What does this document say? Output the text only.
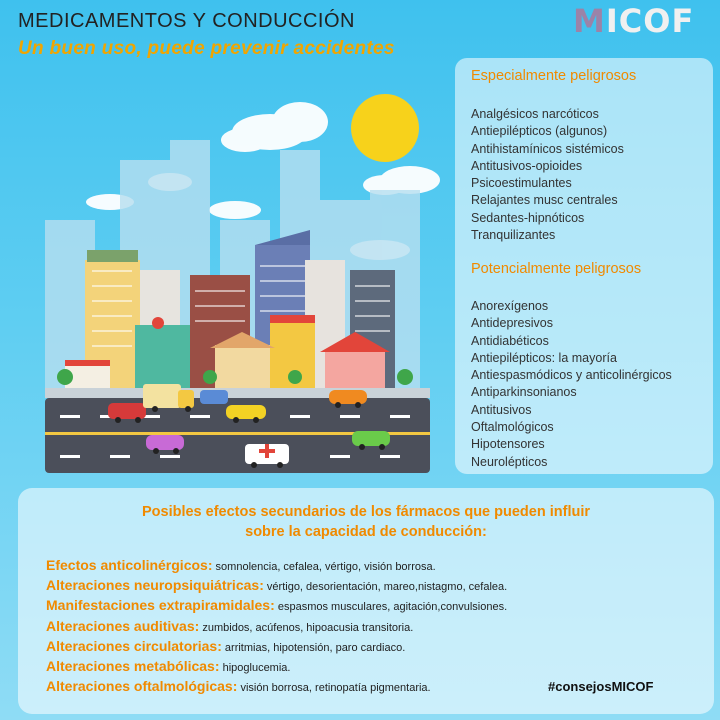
MEDICAMENTOS Y CONDUCCIÓN
Un buen uso, puede prevenir accidentes
MICOF
Especialmente peligrosos
Analgésicos narcóticos
Antiepilépticos (algunos)
Antihistamínicos sistémicos
Antitusivos-opioides
Psicoestimulantes
Relajantes musc centrales
Sedantes-hipnóticos
Tranquilizantes
Potencialmente peligrosos
Anorexígenos
Antidepresivos
Antidiabéticos
Antiepilépticos: la mayoría
Antiespasmódicos y anticolinérgicos
Antiparkinsonianos
Antitusivos
Oftalmológicos
Hipotensores
Neurolépticos
Posibles efectos secundarios de los fármacos que pueden influir
sobre la capacidad de conducción:
Efectos anticolinérgicos: somnolencia, cefalea, vértigo, visión borrosa.
Alteraciones neuropsiquiátricas: vértigo, desorientación, mareo,nistagmo, cefalea.
Manifestaciones extrapiramidales: espasmos musculares, agitación,convulsiones.
Alteraciones auditivas: zumbidos, acúfenos, hipoacusia transitoria.
Alteraciones circulatorias: arritmias, hipotensión, paro cardiaco.
Alteraciones metabólicas: hipoglucemia.
Alteraciones oftalmológicas: visión borrosa, retinopatía pigmentaria.	#consejosMICOF
